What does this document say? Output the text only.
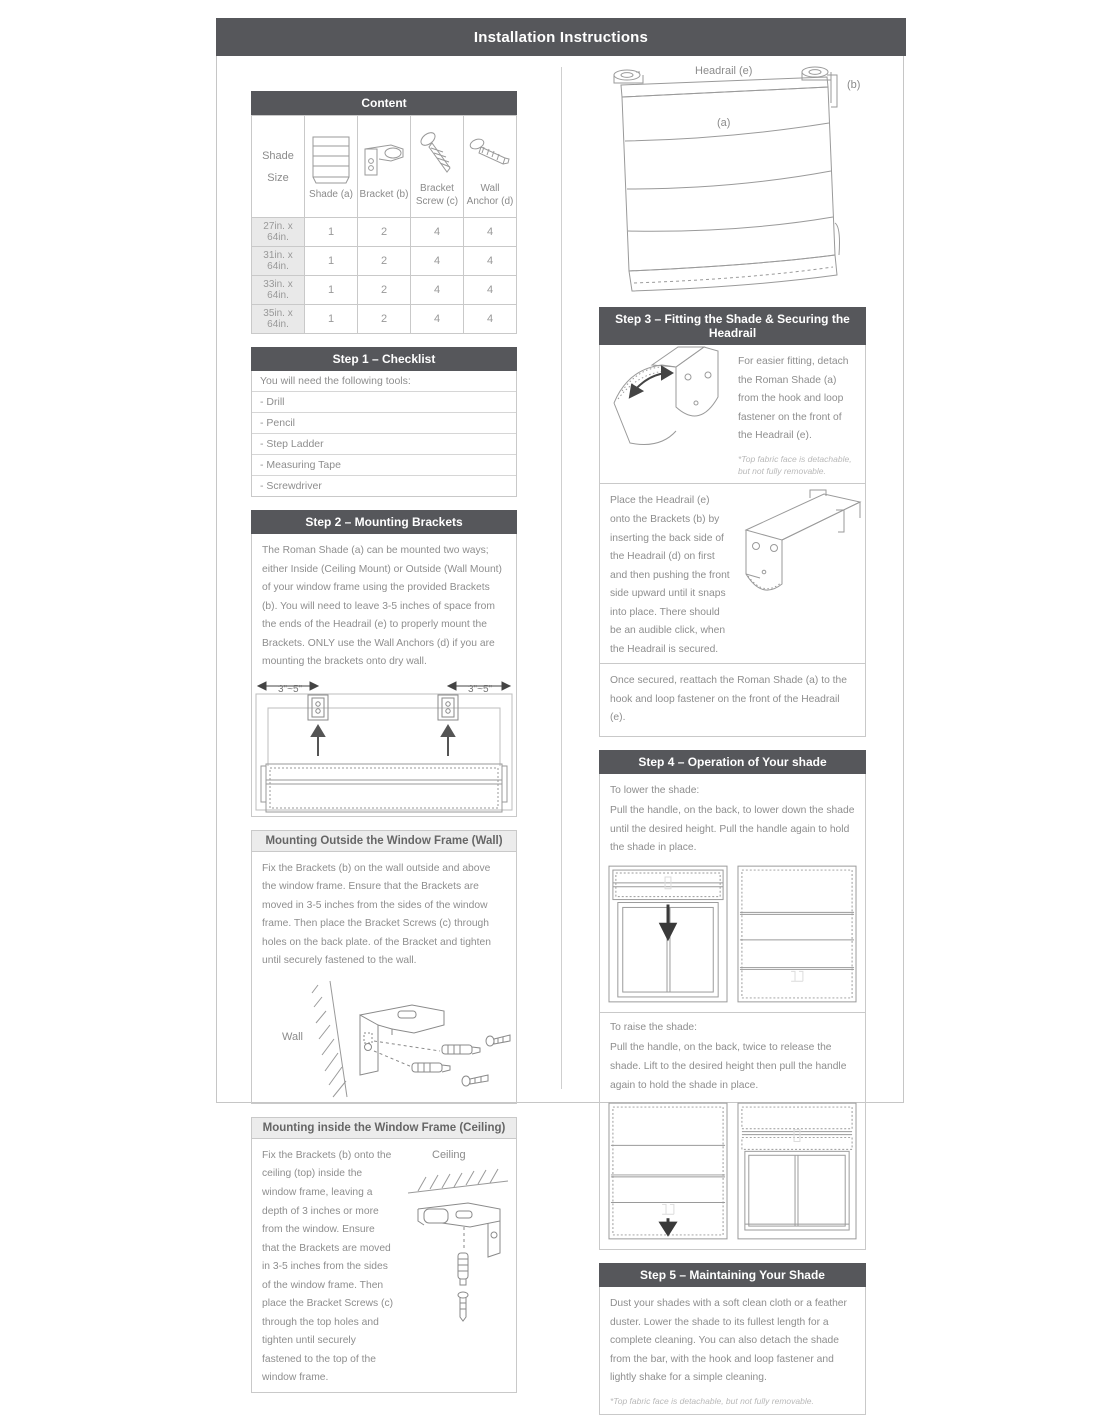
Installation Instructions
Content
Shade Size	Shade (a)	Bracket (b)	Bracket Screw (c)	Wall Anchor (d)

27in. x 64in.	1	2	4	4
31in. x 64in.	1	2	4	4
33in. x 64in.	1	2	4	4
35in. x 64in.	1	2	4	4
Step 1 – Checklist
You will need the following tools:
- Drill
- Pencil
- Step Ladder
- Measuring Tape
- Screwdriver
Step 2 – Mounting Brackets
The Roman Shade (a) can be mounted two ways; either Inside (Ceiling Mount) or Outside (Wall Mount) of your window frame using the provided Brackets (b). You will need to leave 3-5 inches of space from the ends of the Headrail (e) to properly mount the Brackets. ONLY use the Wall Anchors (d) if you are mounting the brackets onto dry wall.
3"~5"	3"~5"
Mounting Outside the Window Frame (Wall)
Fix the Brackets (b) on the wall outside and above the window frame. Ensure that the Brackets are moved in 3-5 inches from the sides of the window frame. Then place the Bracket Screws (c) through holes on the back plate. of the Bracket and tighten until securely fastened to the wall.
Wall
Mounting inside the Window Frame (Ceiling)
Fix the Brackets (b) onto the ceiling (top) inside the window frame, leaving a depth of 3 inches or more from the window. Ensure that the Brackets are moved in 3-5 inches from the sides of the window frame. Then place the Bracket Screws (c) through the top holes and tighten until securely fastened to the top of the window frame.
Ceiling
Headrail (e)
(a)
(b)
Step 3 – Fitting the Shade & Securing the Headrail
For easier fitting, detach the Roman Shade (a) from the hook and loop fastener on the front of the Headrail (e).
*Top fabric face is detachable, but not fully removable.
Place the Headrail (e) onto the Brackets (b) by inserting the back side of the Headrail (d) on first and then pushing the front side upward until it snaps into place. There should be an audible click, when the Headrail is secured.
Once secured, reattach the Roman Shade (a) to the hook and loop fastener on the front of the Headrail (e).
Step 4 – Operation of Your shade
To lower the shade:
Pull the handle, on the back, to lower down the shade until the desired height. Pull the handle again to hold the shade in place.
To raise the shade:
Pull the handle, on the back, twice to release the shade. Lift to the desired height then pull the handle again to hold the shade in place.
Step 5 – Maintaining Your Shade
Dust your shades with a soft clean cloth or a feather duster. Lower the shade to its fullest length for a complete cleaning. You can also detach the shade from the bar, with the hook and loop fastener and lightly shake for a simple cleaning.
*Top fabric face is detachable, but not fully removable.
